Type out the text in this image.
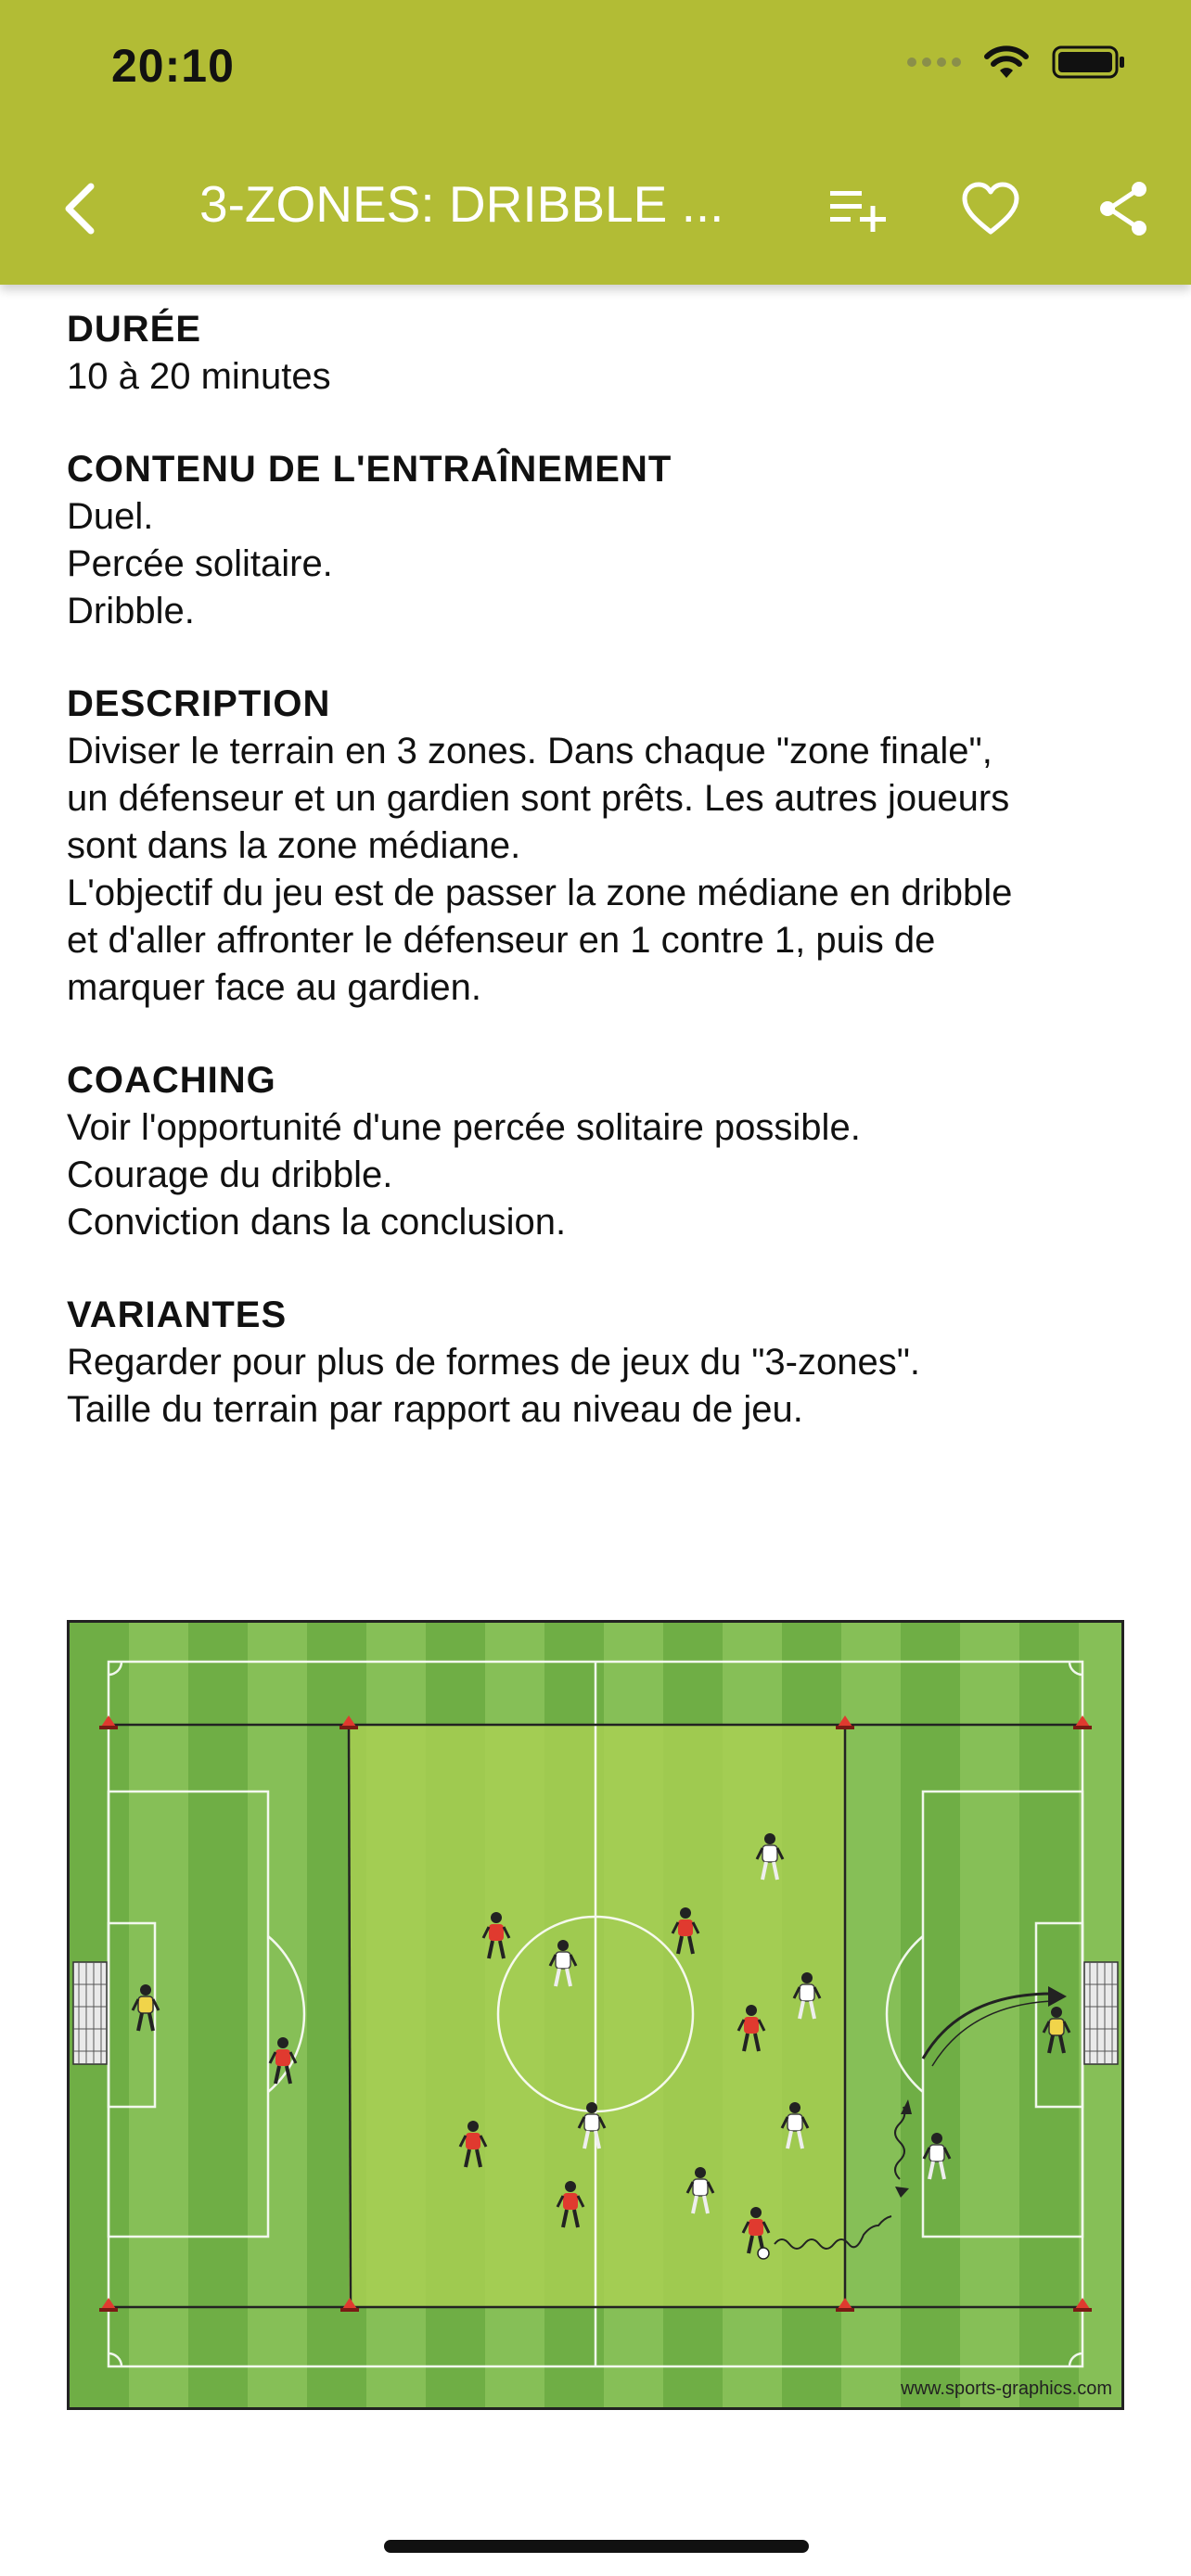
20:10
3-ZONES: DRIBBLE ...
DURÉE

10 à 20 minutes

CONTENU DE L'ENTRAÎNEMENT

Duel.

Percée solitaire.

Dribble.

DESCRIPTION

Diviser le terrain en 3 zones. Dans chaque "zone finale",

un défenseur et un gardien sont prêts. Les autres joueurs

sont dans la zone médiane.

L'objectif du jeu est de passer la zone médiane en dribble

et d'aller affronter le défenseur en 1 contre 1, puis de

marquer face au gardien.

COACHING

Voir l'opportunité d'une percée solitaire possible.

Courage du dribble.

Conviction dans la conclusion.

VARIANTES

Regarder pour plus de formes de jeux du "3-zones".

Taille du terrain par rapport au niveau de jeu.

www.sports-graphics.com
